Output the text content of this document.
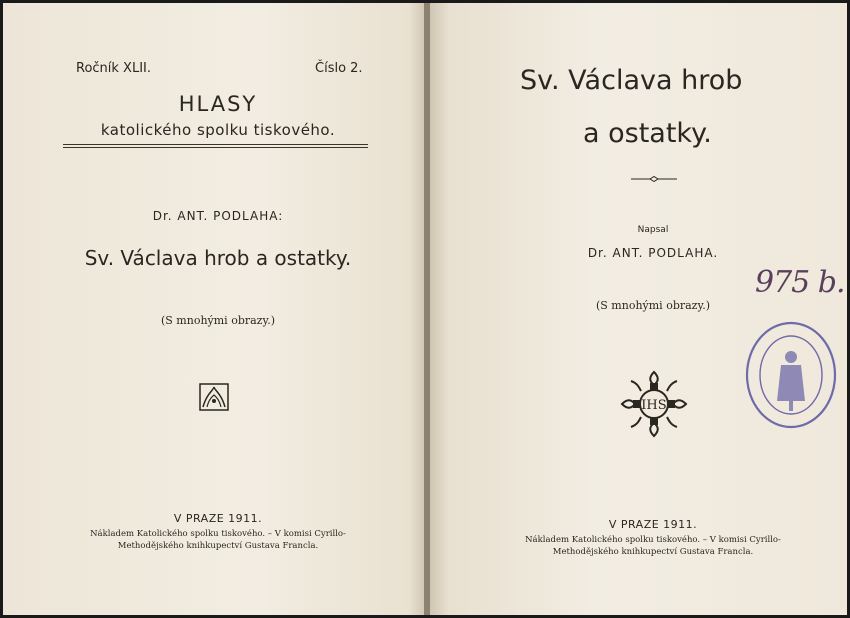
Ročník XLII.	Číslo 2.
HLASY
katolického spolku tiskového.
Dr. ANT. PODLAHA:
Sv. Václava hrob a ostatky.
(S mnohými obrazy.)
V PRAZE 1911.
Nákladem Katolického spolku tiskového. – V komisi Cyrillo-
Methodějského knihkupectví Gustava Francla.
Sv. Václava hrob
a ostatky.
Napsal
Dr. ANT. PODLAHA.
(S mnohými obrazy.)
IHS
V PRAZE 1911.
Nákladem Katolického spolku tiskového. – V komisi Cyrillo-
Methodějského knihkupectví Gustava Francla.
975 b.
